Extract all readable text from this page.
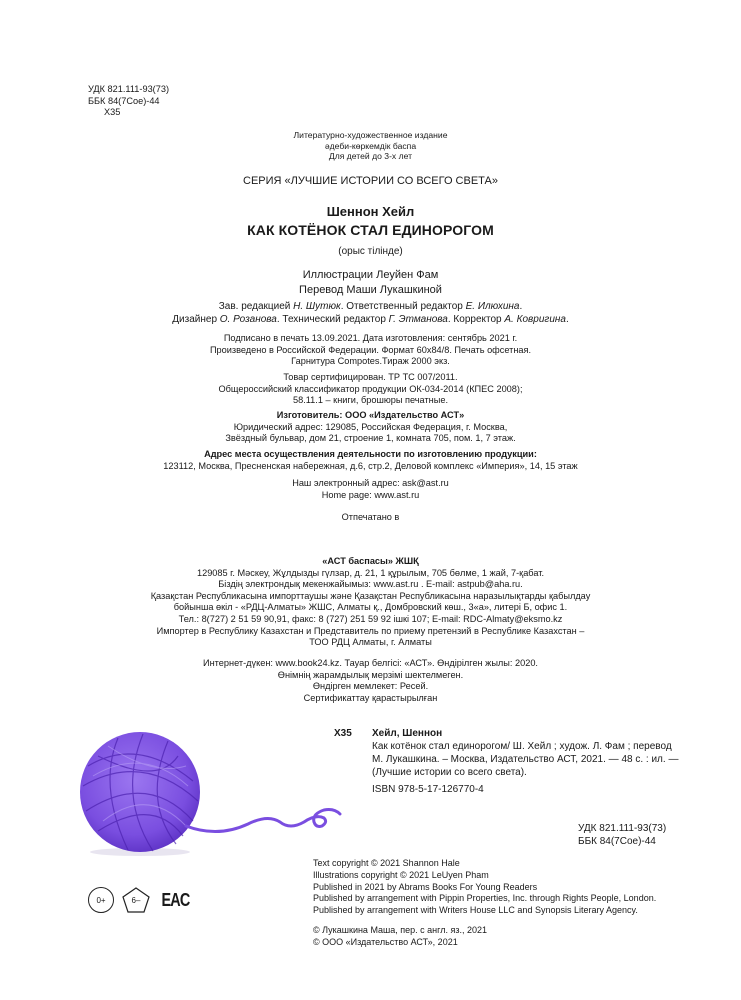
УДК 821.111-93(73)
ББК 84(7Сое)-44
Х35
Литературно-художественное издание
әдеби-көркемдік баспа
Для детей до 3-х лет
СЕРИЯ «ЛУЧШИЕ ИСТОРИИ СО ВСЕГО СВЕТА»
Шеннон Хейл
КАК КОТЁНОК СТАЛ ЕДИНОРОГОМ
(орыс тілінде)
Иллюстрации Леуйен Фам
Перевод Маши Лукашкиной
Зав. редакцией Н. Шутюк. Ответственный редактор Е. Илюхина.
Дизайнер О. Розанова. Технический редактор Г. Этманова. Корректор А. Ковригина.
Подписано в печать 13.09.2021. Дата изготовления: сентябрь 2021 г.
Произведено в Российской Федерации. Формат 60х84/8. Печать офсетная.
Гарнитура Compotes.Тираж 2000 экз.
Товар сертифицирован. ТР ТС 007/2011.
Общероссийский классификатор продукции ОК-034-2014 (КПЕС 2008);
58.11.1 – книги, брошюры печатные.
Изготовитель: ООО «Издательство АСТ»
Юридический адрес: 129085, Российская Федерация, г. Москва,
Звёздный бульвар, дом 21, строение 1, комната 705, пом. 1, 7 этаж.
Адрес места осуществления деятельности по изготовлению продукции:
123112, Москва, Пресненская набережная, д.6, стр.2, Деловой комплекс «Империя», 14, 15 этаж
Наш электронный адрес: ask@ast.ru
Home page: www.ast.ru
Отпечатано в
«АСТ баспасы» ЖШҚ
129085 г. Мәскеу, Жұлдызды гүлзар, д. 21, 1 құрылым, 705 бөлме, 1 жай, 7-қабат.
Біздің электрондық мекенжайымыз: www.ast.ru . E-mail: astpub@aha.ru.
Қазақстан Республикасына импорттаушы және Қазақстан Республикасына наразылықтарды қабылдау
бойынша өкіл - «РДЦ-Алматы» ЖШС, Алматы қ., Домбровский көш., 3«а», литері Б, офис 1.
Тел.: 8(727) 2 51 59 90,91, факс: 8 (727) 251 59 92 ішкі 107; E-mail: RDC-Almaty@eksmo.kz
Импортер в Республику Казахстан и Представитель по приему претензий в Республике Казахстан –
ТОО РДЦ Алматы, г. Алматы
Интернет-дүкен: www.book24.kz. Тауар белгісі: «АСТ». Өндірілген жылы: 2020.
Өнімнің жарамдылық мерзімі шектелмеген.
Өндірген мемлекет: Ресей.
Сертификаттау қарастырылған
Х35	Хейл, Шеннон
Как котёнок стал единорогом/ Ш. Хейл ; худож. Л. Фам ; перевод
М. Лукашкина. – Москва, Издательство АСТ, 2021. — 48 с. : ил. —
(Лучшие истории со всего света).
ISBN 978-5-17-126770-4
УДК 821.111-93(73)
ББК 84(7Сое)-44
Text copyright © 2021 Shannon Hale
Illustrations copyright © 2021 LeUyen Pham
Published in 2021 by Abrams Books For Young Readers
Published by arrangement with Pippin Properties, Inc. through Rights People, London.
Published by arrangement with Writers House LLC and Synopsis Literary Agency.
© Лукашкина Маша, пер. с англ. яз., 2021
© ООО «Издательство АСТ», 2021
0+	6– EAC
